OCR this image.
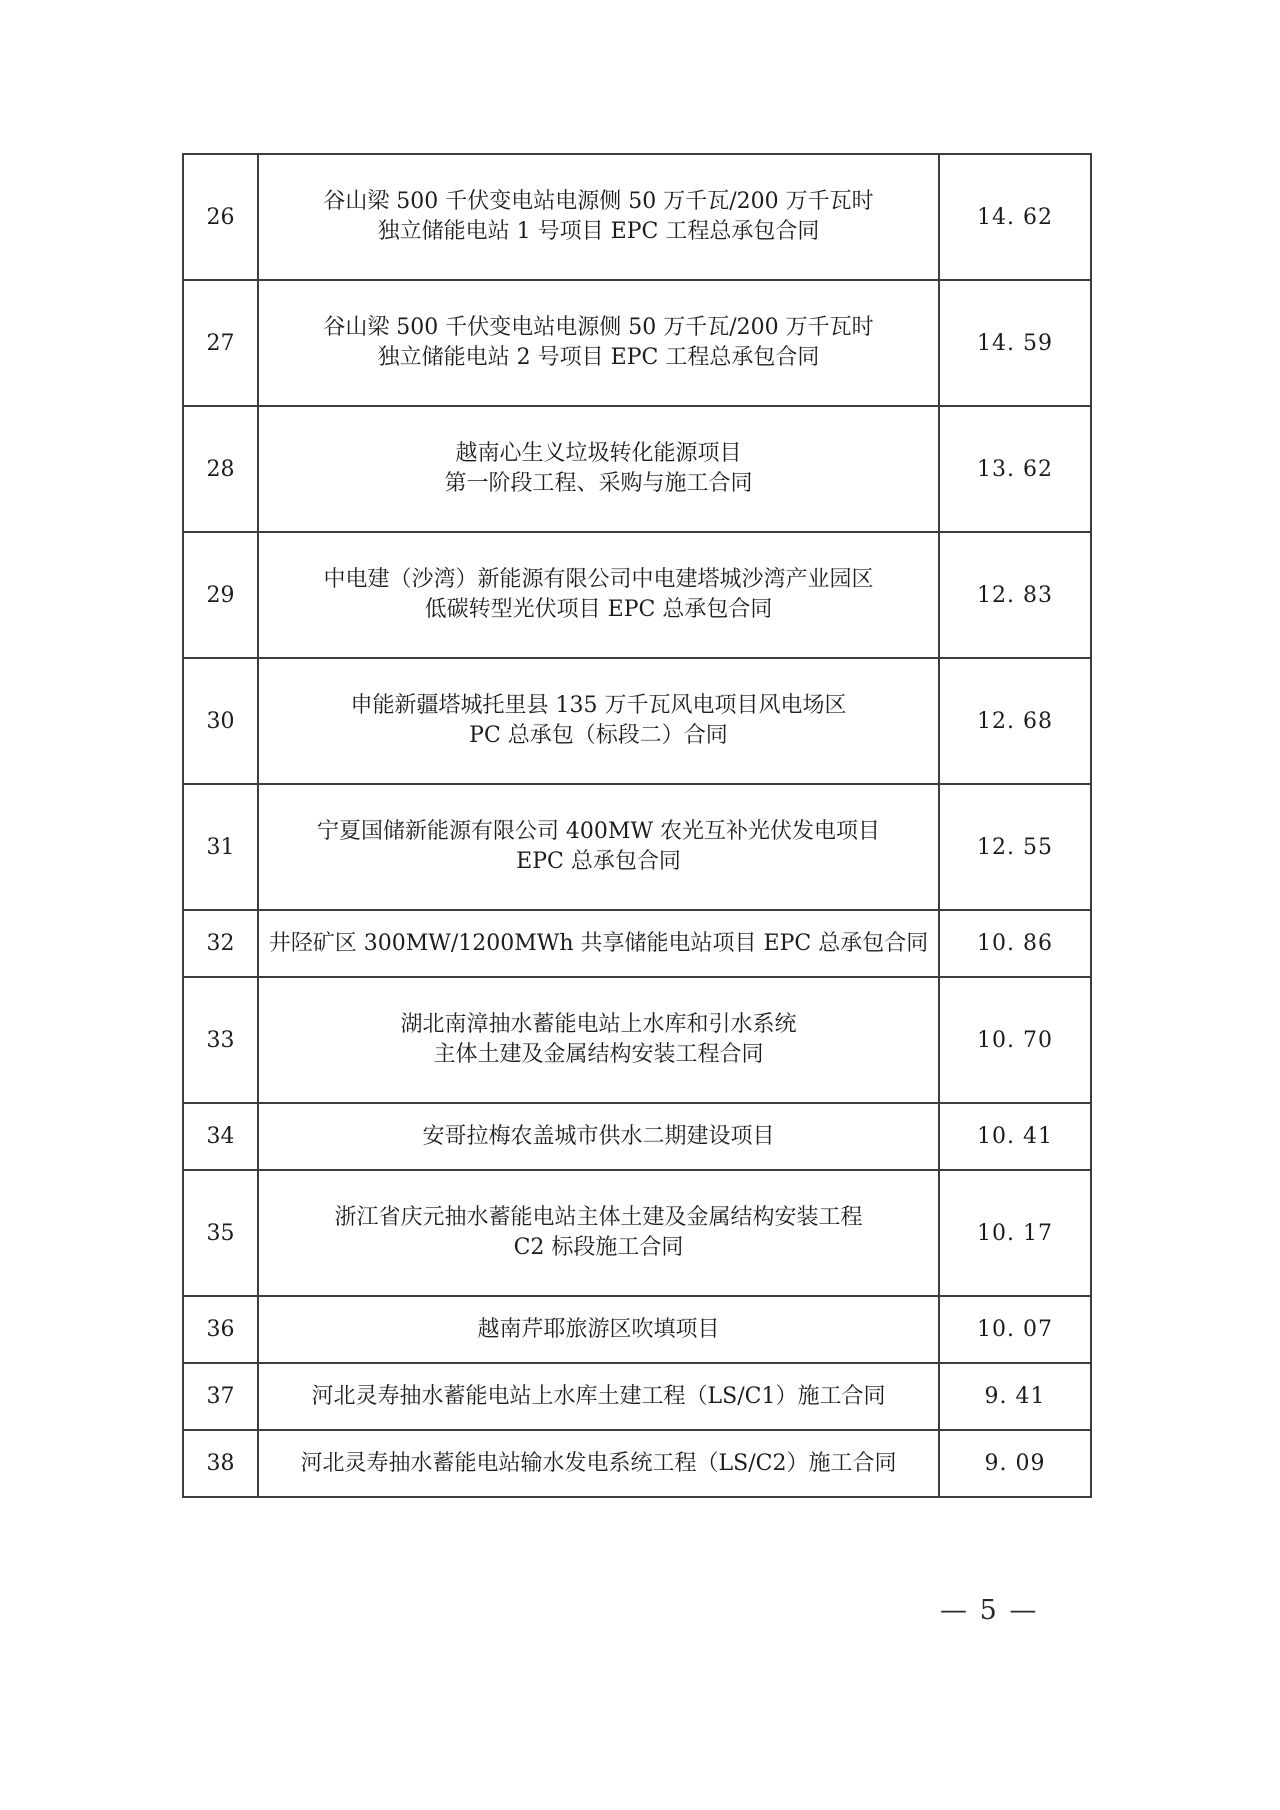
26	谷山梁 500 千伏变电站电源侧 50 万千瓦/200 万千瓦时
独立储能电站 1 号项目 EPC 工程总承包合同	14. 62
27	谷山梁 500 千伏变电站电源侧 50 万千瓦/200 万千瓦时
独立储能电站 2 号项目 EPC 工程总承包合同	14. 59
28	越南心生义垃圾转化能源项目
第一阶段工程、采购与施工合同	13. 62
29	中电建（沙湾）新能源有限公司中电建塔城沙湾产业园区
低碳转型光伏项目 EPC 总承包合同	12. 83
30	申能新疆塔城托里县 135 万千瓦风电项目风电场区
PC 总承包（标段二）合同	12. 68
31	宁夏国储新能源有限公司 400MW 农光互补光伏发电项目
EPC 总承包合同	12. 55
32	井陉矿区 300MW/1200MWh 共享储能电站项目 EPC 总承包合同	10. 86
33	湖北南漳抽水蓄能电站上水库和引水系统
主体土建及金属结构安装工程合同	10. 70
34	安哥拉梅农盖城市供水二期建设项目	10. 41
35	浙江省庆元抽水蓄能电站主体土建及金属结构安装工程
C2 标段施工合同	10. 17
36	越南芹耶旅游区吹填项目	10. 07
37	河北灵寿抽水蓄能电站上水库土建工程（LS/C1）施工合同	9. 41
38	河北灵寿抽水蓄能电站输水发电系统工程（LS/C2）施工合同	9. 09
— 5 —
